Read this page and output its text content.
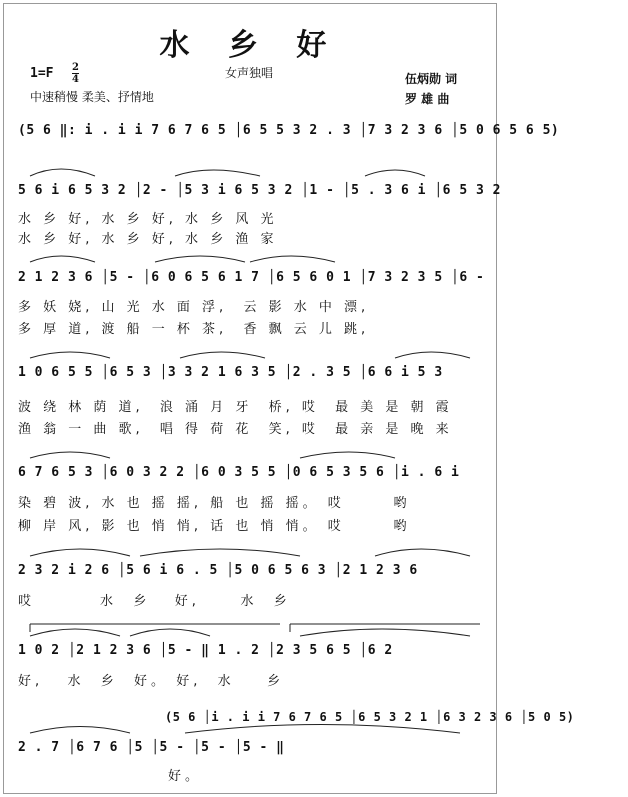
水 乡 好
1=F 2
4	女声独唱
中速稍慢 柔美、抒情地
伍炳勋 词
罗 雄 曲
(5 6 ‖: i . i i 7 6 7 6 5 │6 5 5 3 2 . 3 │7 3 2 3 6 │5 0 6 5 6 5)
5 6 i 6 5 3 2 │2 - │5 3 i 6 5 3 2 │1 - │5 . 3 6 i │6 5 3 2
水 乡 好, 水 乡 好, 水 乡 风 光
水 乡 好, 水 乡 好, 水 乡 渔 家
2 1 2 3 6 │5 - │6 0 6 5 6 1 7 │6 5 6 0 1 │7 3 2 3 5 │6 -
多 妖 娆, 山 光 水 面 浮,  云 影 水 中 漂,
多 厚 道, 渡 船 一 杯 茶,  香 飘 云 儿 跳,
1 0 6 5 5 │6 5 3 │3 3 2 1 6 3 5 │2 . 3 5 │6 6 i 5 3
波 绕 林 荫 道,  浪 涌 月 牙  桥, 哎  最 美 是 朝 霞
渔 翁 一 曲 歌,  唱 得 荷 花  笑, 哎  最 亲 是 晚 来
6 7 6 5 3 │6 0 3 2 2 │6 0 3 5 5 │0 6 5 3 5 6 │i . 6 i
染 碧 波, 水 也 摇 摇, 船 也 摇 摇。 哎      哟
柳 岸 风, 影 也 悄 悄, 话 也 悄 悄。 哎      哟
2 3 2 i 2 6 │5 6 i 6 . 5 │5 0 6 5 6 3 │2 1 2 3 6
哎        水  乡   好,     水  乡
1 0 2 │2 1 2 3 6 │5 - ‖ 1 . 2 │2 3 5 6 5 │6 2
好,   水  乡  好。 好,  水    乡
(5 6 │i . i i 7 6 7 6 5 │6 5 3 2 1 │6 3 2 3 6 │5 0 5)
2 . 7 │6 7 6 │5 │5 - │5 - │5 - ‖
好。
